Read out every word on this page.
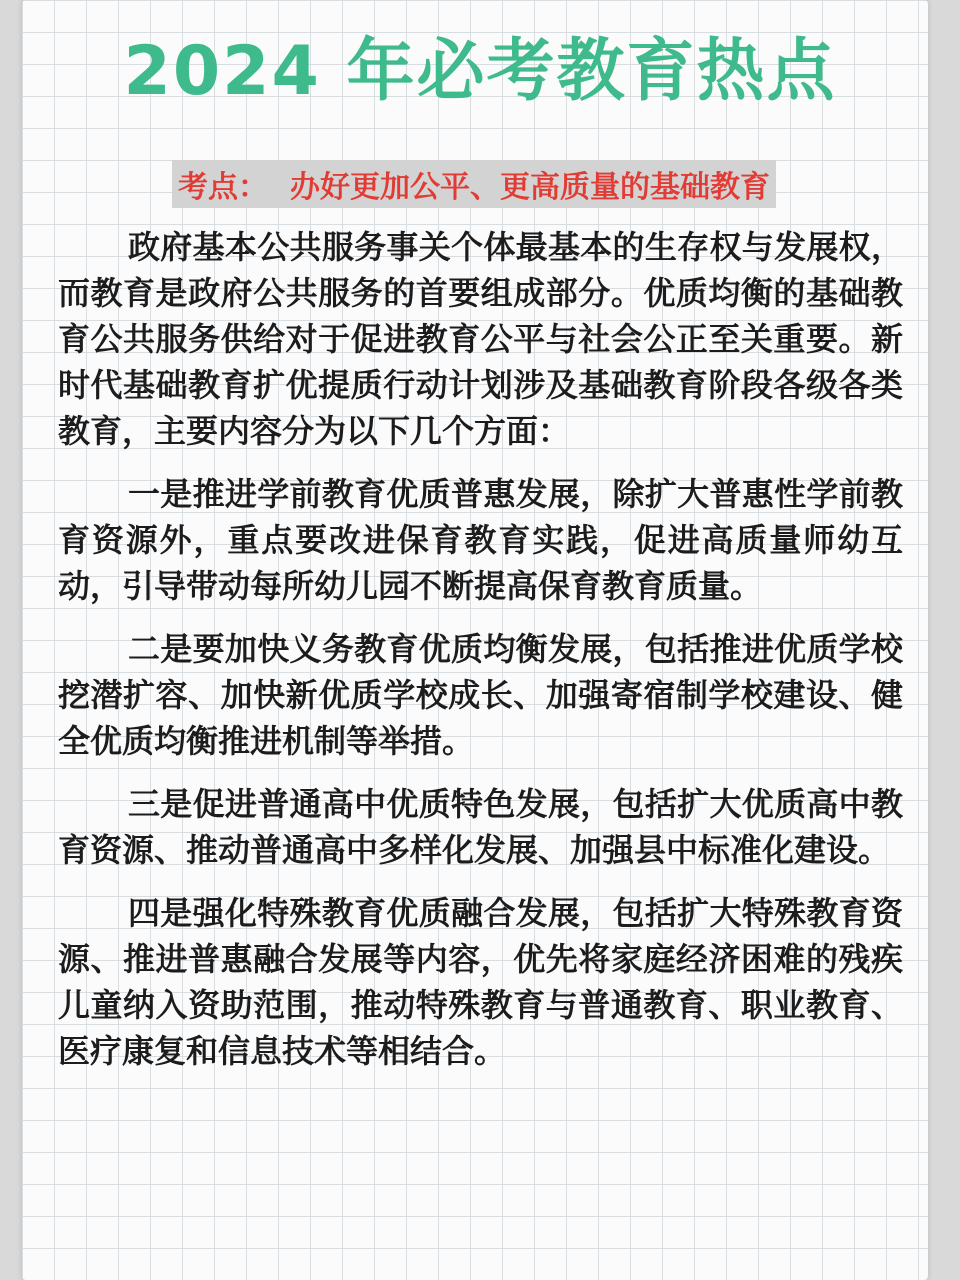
2024 年必考教育热点
考点： 办好更加公平、更高质量的基础教育

政府基本公共服务事关个体最基本的生存权与发展权，而教育是政府公共服务的首要组成部分。优质均衡的基础教育公共服务供给对于促进教育公平与社会公正至关重要。新时代基础教育扩优提质行动计划涉及基础教育阶段各级各类教育，主要内容分为以下几个方面：

一是推进学前教育优质普惠发展，除扩大普惠性学前教育资源外，重点要改进保育教育实践，促进高质量师幼互动，引导带动每所幼儿园不断提高保育教育质量。

二是要加快义务教育优质均衡发展，包括推进优质学校挖潜扩容、加快新优质学校成长、加强寄宿制学校建设、健全优质均衡推进机制等举措。

三是促进普通高中优质特色发展，包括扩大优质高中教育资源、推动普通高中多样化发展、加强县中标准化建设。

四是强化特殊教育优质融合发展，包括扩大特殊教育资源、推进普惠融合发展等内容，优先将家庭经济困难的残疾儿童纳入资助范围，推动特殊教育与普通教育、职业教育、医疗康复和信息技术等相结合。
